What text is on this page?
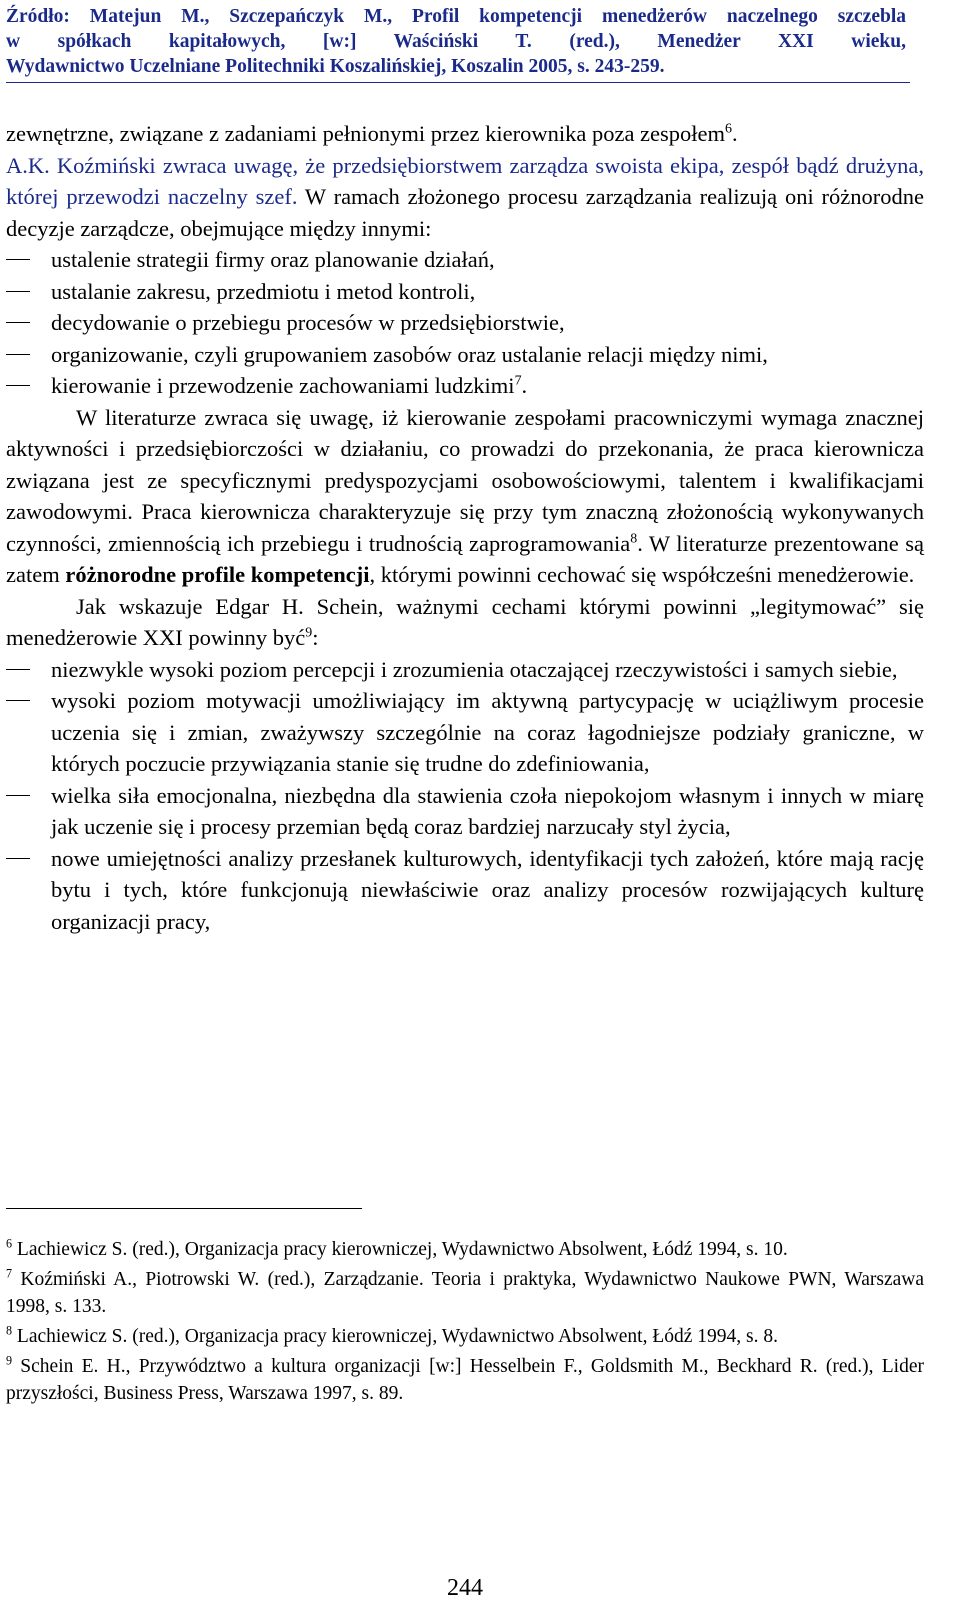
Źródło: Matejun M., Szczepańczyk M., Profil kompetencji menedżerów naczelnego szczebla
w spółkach kapitałowych, [w:] Waściński T. (red.), Menedżer XXI wieku,
Wydawnictwo Uczelniane Politechniki Koszalińskiej, Koszalin 2005, s. 243-259.

zewnętrzne, związane z zadaniami pełnionymi przez kierownika poza zespołem$^6$.

A.K. Koźmiński zwraca uwagę, że przedsiębiorstwem zarządza swoista ekipa, zespół bądź drużyna, której przewodzi naczelny szef. W ramach złożonego procesu zarządzania realizują oni różnorodne decyzje zarządcze, obejmujące między innymi:

ustalenie strategii firmy oraz planowanie działań,
ustalanie zakresu, przedmiotu i metod kontroli,
decydowanie o przebiegu procesów w przedsiębiorstwie,
organizowanie, czyli grupowaniem zasobów oraz ustalanie relacji między nimi,
kierowanie i przewodzenie zachowaniami ludzkimi$^7$.

W literaturze zwraca się uwagę, iż kierowanie zespołami pracowniczymi wymaga znacznej aktywności i przedsiębiorczości w działaniu, co prowadzi do przekonania, że praca kierownicza związana jest ze specyficznymi predyspozycjami osobowościowymi, talentem i kwalifikacjami zawodowymi. Praca kierownicza charakteryzuje się przy tym znaczną złożonością wykonywanych czynności, zmiennością ich przebiegu i trudnością zaprogramowania$^8$. W literaturze prezentowane są zatem różnorodne profile kompetencji, którymi powinni cechować się współcześni menedżerowie.

Jak wskazuje Edgar H. Schein, ważnymi cechami którymi powinni „legitymować” się menedżerowie XXI powinny być$^9$:

niezwykle wysoki poziom percepcji i zrozumienia otaczającej rzeczywistości i samych siebie,
wysoki poziom motywacji umożliwiający im aktywną partycypację w uciążliwym procesie uczenia się i zmian, zważywszy szczególnie na coraz łagodniejsze podziały graniczne, w których poczucie przywiązania stanie się trudne do zdefiniowania,
wielka siła emocjonalna, niezbędna dla stawienia czoła niepokojom własnym i innych w miarę jak uczenie się i procesy przemian będą coraz bardziej narzucały styl życia,
nowe umiejętności analizy przesłanek kulturowych, identyfikacji tych założeń, które mają rację bytu i tych, które funkcjonują niewłaściwie oraz analizy procesów rozwijających kulturę organizacji pracy,

$^6$ Lachiewicz S. (red.), Organizacja pracy kierowniczej, Wydawnictwo Absolwent, Łódź 1994, s. 10.

$^7$ Koźmiński A., Piotrowski W. (red.), Zarządzanie. Teoria i praktyka, Wydawnictwo Naukowe PWN, Warszawa 1998, s. 133.

$^8$ Lachiewicz S. (red.), Organizacja pracy kierowniczej, Wydawnictwo Absolwent, Łódź 1994, s. 8.

$^9$ Schein E. H., Przywództwo a kultura organizacji [w:] Hesselbein F., Goldsmith M., Beckhard R. (red.), Lider przyszłości, Business Press, Warszawa 1997, s. 89.

244
